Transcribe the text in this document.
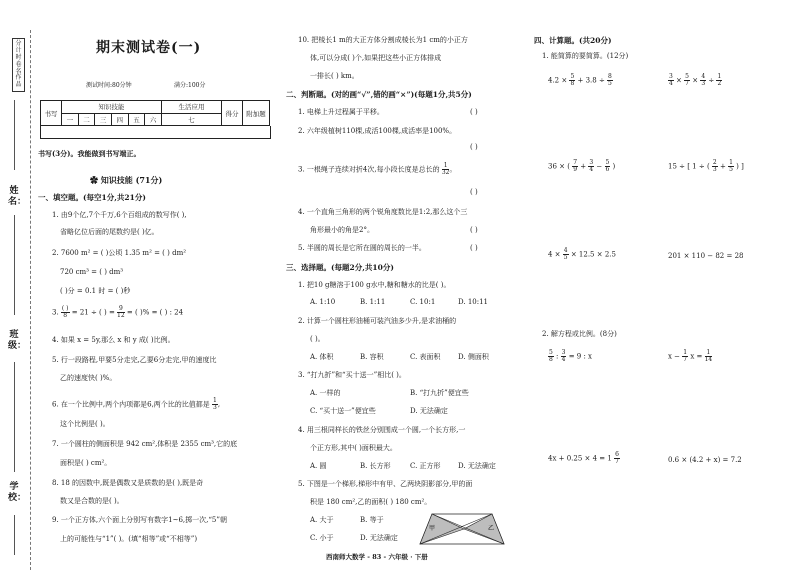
分计时卷名作品
姓名：
班级：
学校：
期末测试卷(一)
测试时间:80分钟	满分:100分
书写	知识技能						生活应用	得分	附加题
	一	二	三	四	五	六	七		
书写(3分)。我能做到书写端正。
✿ 知识技能 (71分)
一、填空题。(每空1分,共21分)
1. 由9个亿,7个千万,6个百组成的数写作( ),
省略亿位后面的尾数约是( )亿。
2. 7600 m² = ( )公顷 1.35 m² = ( ) dm²
720 cm³ = ( ) dm³
( )分 = 0.1 时 = ( )秒
3. $\frac{( )}{8} = 21$ ÷ ( ) = $\frac{9}{12}$ = ( )% = ( ) : 24
4. 如果 x = 5y,那么 x 和 y 成( )比例。
5. 行一段路程,甲要5分走完,乙要6分走完,甲的速度比
乙的速度快( )%。
6. 在一个比例中,两个内项都是6,两个比的比值都是 $\frac{1}{3}$ ,
这个比例是( )。
7. 一个圆柱的侧面积是 942 cm²,体积是 2355 cm³,它的底
面积是( ) cm²。
8. 18 的因数中,既是偶数又是质数的是( ),既是奇
数又是合数的是( )。
9. 一个正方体,六个面上分别写有数字1~6,掷一次,“5”朝
上的可能性与“1”( )。(填“相等”或“不相等”)
10. 把棱长1 m的大正方体分割成棱长为1 cm的小正方
体,可以分成( )个,如果把这些小正方体排成
一排长( ) km。
二、判断题。(对的画“√”,错的画“×”)(每题1分,共5分)
1. 电梯上升过程属于平移。	( )
2. 六年级植树110棵,成活100棵,成活率是100%。
( )
3. 一根绳子连续对折4次,每小段长度是总长的 $\frac{1}{32}$ 。
( )
4. 一个直角三角形的两个锐角度数比是1:2,那么这个三
角形最小的角是2°。	( )
5. 半圆的周长是它所在圆的周长的一半。	( )
三、选择题。(每题2分,共10分)
1. 把10 g糖溶于100 g水中,糖和糖水的比是( )。
A. 1:10	B. 1:11	C. 10:1	D. 10:11
2. 计算一个圆柱形油桶可装汽油多少升,是求油桶的
( )。
A. 体积	B. 容积	C. 表面积 D. 侧面积
3. “打九折”和“买十送一”相比( )。
A. 一样的	B. “打九折”便宜些
C. “买十送一”便宜些	D. 无法确定
4. 用三根同样长的铁丝分别围成一个圆,一个长方形,一
个正方形,其中( )面积最大。
A. 圆	B. 长方形	C. 正方形 D. 无法确定
5. 下图是一个梯形,梯形中有甲、乙两块阴影部分,甲的面
积是 180 cm²,乙的面积( ) 180 cm²。
A. 大于	B. 等于
C. 小于	D. 无法确定
甲	乙
四、计算题。(共20分)
1. 能简算的要简算。(12分)
$4.2 \times \frac{5}{8} + 3.8 \div \frac{8}{5}$	$\frac{3}{4} \times \frac{5}{7} \times \frac{4}{3} \div \frac{1}{2}$
36 × ( $\frac{7}{9} + \frac{3}{4} - \frac{5}{6}$ )	15 ÷ [ 1 ÷ ( $\frac{2}{3} + \frac{1}{5}$ ) ]
$4 \times \frac{4}{5} \times 12.5 \times 2.5$	201 × 110 − 82 = 28
2. 解方程或比例。(8分)
$\frac{5}{8}$ : $\frac{3}{4} = 9$ : x	$x - \frac{1}{7}$ $x = \frac{1}{14}$
$4x + 0.25 \times 4 = 1 \frac{6}{7}$	0.6 × (4.2 + x) = 7.2
西南师大数学 - 83 - 六年级 · 下册
